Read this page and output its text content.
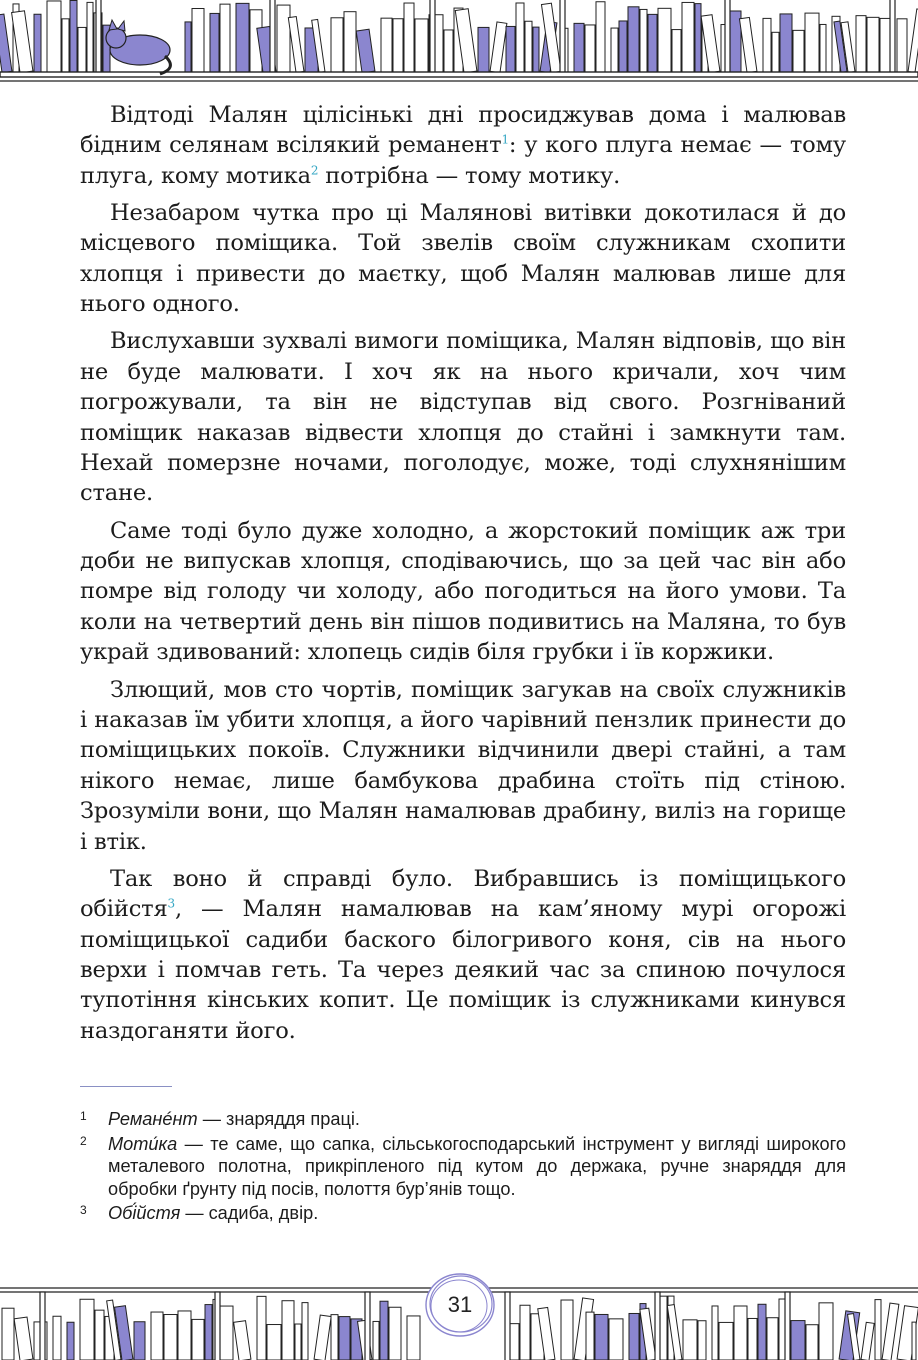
Відтоді Малян цілісінькі дні просиджував дома і малював бідним селянам всілякий реманент$^1$: у кого плуга немає — тому плуга, кому мотика$^2$ потрібна — тому мотику.

Незабаром чутка про ці Малянові витівки докотилася й до місцевого поміщика. Той звелів своїм служникам схопити хлопця і привести до маєтку, щоб Малян малював лише для нього одного.

Вислухавши зухвалі вимоги поміщика, Малян відповів, що він не буде малювати. І хоч як на нього кричали, хоч чим погрожували, та він не відступав від свого. Розгніваний поміщик наказав відвести хлопця до стайні і замкнути там. Нехай померзне ночами, поголодує, може, тоді слухнянішим стане.

Саме тоді було дуже холодно, а жорстокий поміщик аж три доби не випускав хлопця, сподіваючись, що за цей час він або помре від голоду чи холоду, або погодиться на його умови. Та коли на четвертий день він пішов подивитись на Маляна, то був украй здивований: хлопець сидів біля грубки і їв коржики.

Злющий, мов сто чортів, поміщик загукав на своїх служників і наказав їм убити хлопця, а його чарівний пензлик принести до поміщицьких покоїв. Служники відчинили двері стайні, а там нікого немає, лише бамбукова драбина стоїть під стіною. Зрозуміли вони, що Малян намалював драбину, виліз на горище і втік.

Так воно й справді було. Вибравшись із поміщицького обійстя$^3$, — Малян намалював на кам’яному мурі огорожі поміщицької садиби баского білогривого коня, сів на нього верхи і помчав геть. Та через деякий час за спиною почулося тупотіння кінських копит. Це поміщик із служниками кинувся наздоганяти його.

1 Реманéнт — знаряддя праці.
2 Моти́ка — те саме, що сапка, сільськогосподарський інструмент у вигляді широкого металевого полотна, прикріпленого під кутом до держака, ручне знаряддя для обробки ґрунту під посів, полоття бур’янів тощо.
3 Обі́йстя — садиба, двір.
31
